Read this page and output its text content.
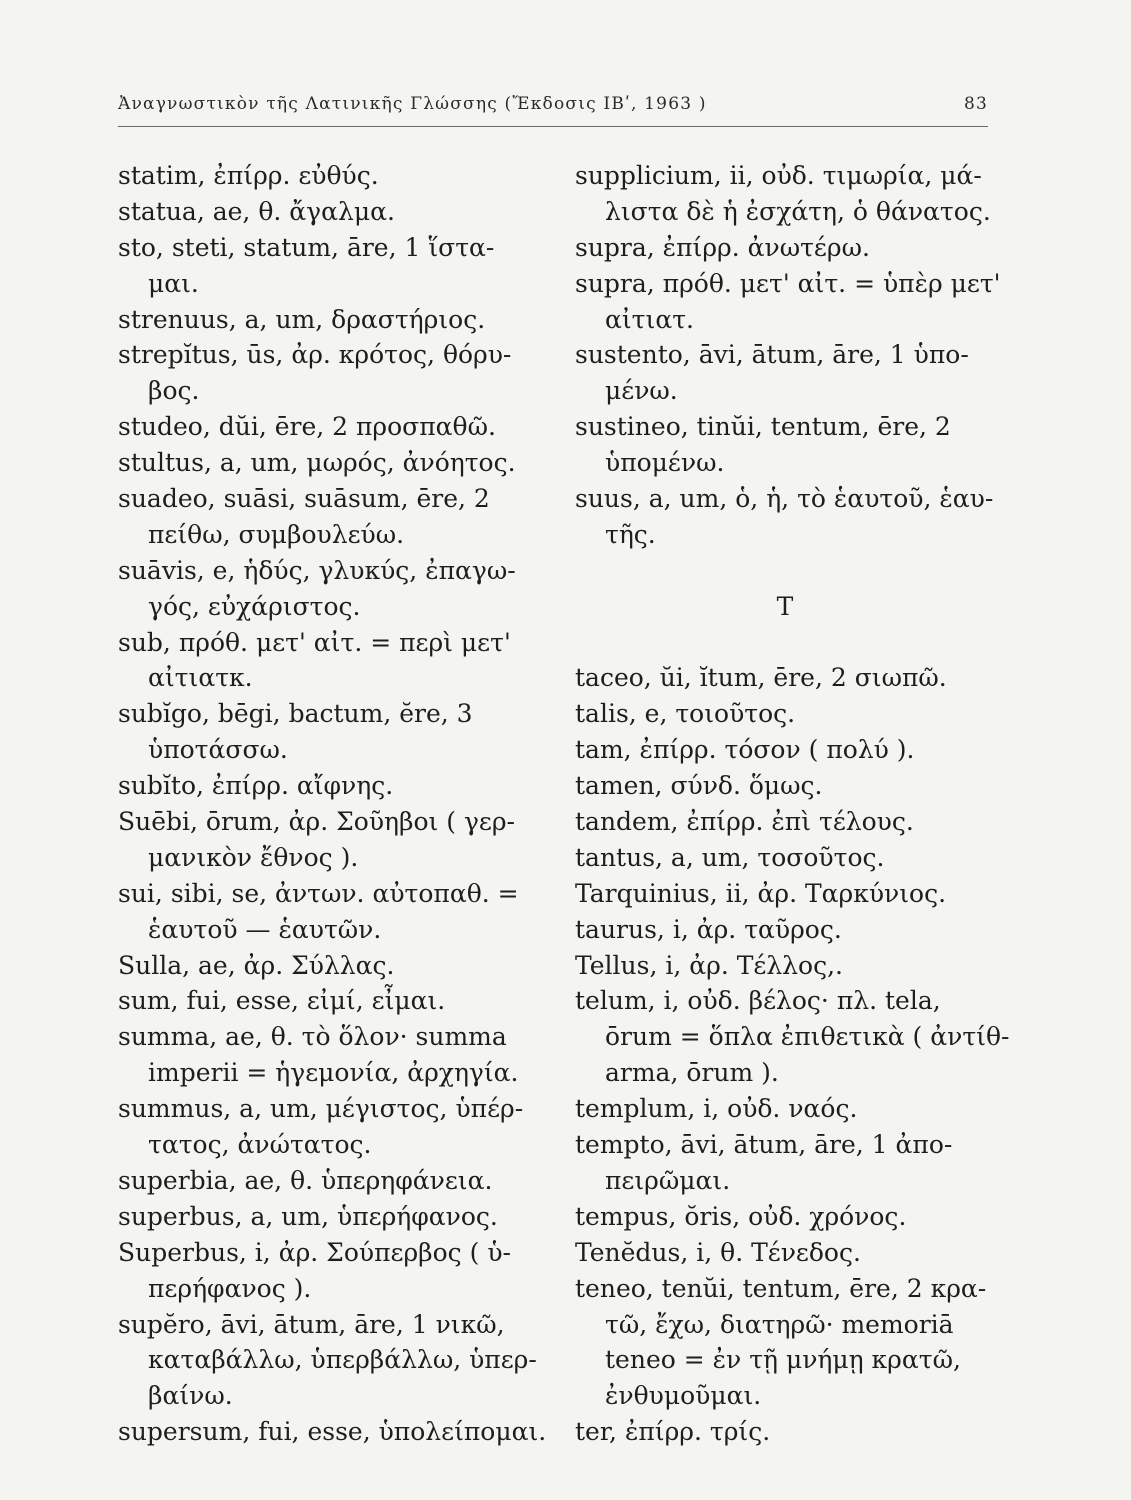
Ἀναγνωστικὸν τῆς Λατινικῆς Γλώσσης (Ἔκδοσις ΙΒʹ, 1963 )	83
statim, ἐπίρρ. εὐθύς.
statua, ae, θ. ἄγαλμα.
sto, steti, statum, āre, 1 ἵστα-
μαι.
strenuus, a, um, δραστήριος.
strepĭtus, ūs, ἀρ. κρότος, θόρυ-
βος.
studeo, dŭi, ēre, 2 προσπαθῶ.
stultus, a, um, μωρός, ἀνόητος.
suadeo, suāsi, suāsum, ēre, 2
πείθω, συμβουλεύω.
suāvis, e, ἡδύς, γλυκύς, ἐπαγω-
γός, εὐχάριστος.
sub, πρόθ. μετ' αἰτ. = περὶ μετ'
αἰτιατκ.
subĭgo, bēgi, bactum, ĕre, 3
ὑποτάσσω.
subĭto, ἐπίρρ. αἴφνης.
Suēbi, ōrum, ἀρ. Σοῦηβοι ( γερ-
μανικὸν ἔθνος ).
sui, sibi, se, ἀντων. αὐτοπαθ. =
ἑαυτοῦ — ἑαυτῶν.
Sulla, ae, ἀρ. Σύλλας.
sum, fui, esse, εἰμί, εἶμαι.
summa, ae, θ. τὸ ὅλον· summa
imperii = ἡγεμονία, ἀρχηγία.
summus, a, um, μέγιστος, ὑπέρ-
τατος, ἀνώτατος.
superbia, ae, θ. ὑπερηφάνεια.
superbus, a, um, ὑπερήφανος.
Superbus, i, ἀρ. Σούπερβος ( ὑ-
περήφανος ).
supĕro, āvi, ātum, āre, 1 νικῶ,
καταβάλλω, ὑπερβάλλω, ὑπερ-
βαίνω.
supersum, fui, esse, ὑπολείπομαι.
supplicium, ii, οὐδ. τιμωρία, μά-
λιστα δὲ ἡ ἐσχάτη, ὁ θάνατος.
supra, ἐπίρρ. ἀνωτέρω.
supra, πρόθ. μετ' αἰτ. = ὑπὲρ μετ'
αἰτιατ.
sustento, āvi, ātum, āre, 1 ὑπο-
μένω.
sustineo, tinŭi, tentum, ēre, 2
ὑπομένω.
suus, a, um, ὁ, ἡ, τὸ ἑαυτοῦ, ἑαυ-
τῆς.
T
taceo, ŭi, ĭtum, ēre, 2 σιωπῶ.
talis, e, τοιοῦτος.
tam, ἐπίρρ. τόσον ( πολύ ).
tamen, σύνδ. ὅμως.
tandem, ἐπίρρ. ἐπὶ τέλους.
tantus, a, um, τοσοῦτος.
Tarquinius, ii, ἀρ. Ταρκύνιος.
taurus, i, ἀρ. ταῦρος.
Tellus, i, ἀρ. Τέλλος,.
telum, i, οὐδ. βέλος· πλ. tela,
ōrum = ὅπλα ἐπιθετικὰ ( ἀντίθ-
arma, ōrum ).
templum, i, οὐδ. ναός.
tempto, āvi, ātum, āre, 1 ἀπο-
πειρῶμαι.
tempus, ŏris, οὐδ. χρόνος.
Tenĕdus, i, θ. Τένεδος.
teneo, tenŭi, tentum, ēre, 2 κρα-
τῶ, ἔχω, διατηρῶ· memoriā
teneo = ἐν τῇ μνήμῃ κρατῶ,
ἐνθυμοῦμαι.
ter, ἐπίρρ. τρίς.
